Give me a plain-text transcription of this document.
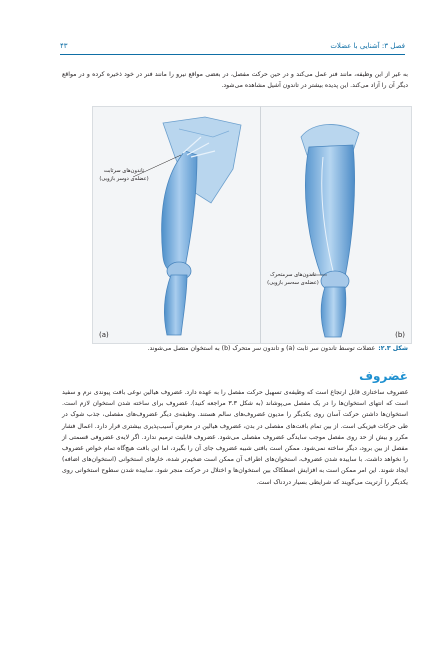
فصل ۳: آشنایی با عضلات
۴۳
به غیر از این وظیفه، مانند فنر عمل می‌کند و در حین حرکت مفصل، در بعضی مواقع نیرو را مانند فنر در خود ذخیره کرده و در مواقع دیگر آن را آزاد می‌کند. این پدیده بیشتر در تاندون آشیل مشاهده می‌شود.
تاندون‌های سرثابت
(عضله‌ی دوسر بازویی)
(a)
تاندون‌های سرمتحرک
(عضله‌ی سه‌سر بازویی)
(b)
شکل ۲.۳:عضلات توسط تاندون سر ثابت (a) و تاندون سر متحرک (b) به استخوان متصل می‌شوند.
غضروف
غضروف ساختاری قابل ارتجاع است که وظیفه‌ی تسهیل حرکت مفصل را به عهده دارد. غضروف هیالین نوعی بافت پیوندی نرم و سفید است که انتهای استخوان‌ها را در یک مفصل می‌پوشاند (به شکل ۳.۳ مراجعه کنید). غضروف برای ساخته شدن استخوان لازم است. استخوان‌ها داشتن حرکت آسان روی یکدیگر را مدیون غضروف‌های سالم هستند. وظیفه‌ی دیگر غضروف‌های مفصلی، جذب شوک در طی حرکات فیزیکی است. از بین تمام بافت‌های مفصلی در بدن، غضروف هیالین در معرض آسیب‌پذیری بیشتری قرار دارد. اعمال فشار مکرر و بیش از حد روی مفصل موجب سایدگی غضروف مفصلی می‌شود. غضروف قابلیت ترمیم ندارد. اگر لایه‌ی غضروفی قسمتی از مفصل از بین برود، دیگر ساخته نمی‌شود. ممکن است بافتی شبیه غضروف جای آن را بگیرد، اما این بافت هیچ‌گاه تمام خواص غضروف را نخواهد داشت. با ساییده شدن غضروف، استخوان‌های اطراف آن ممکن است ضخیم‌تر شده، خارهای استخوانی (استخوان‌های اضافه) ایجاد شوند. این امر ممکن است به افزایش اصطکاک بین استخوان‌ها و اختلال در حرکت منجر شود. ساییده شدن سطوح استخوانی روی یکدیگر را آرتریت می‌گویند که شرایطی بسیار دردناک است.
